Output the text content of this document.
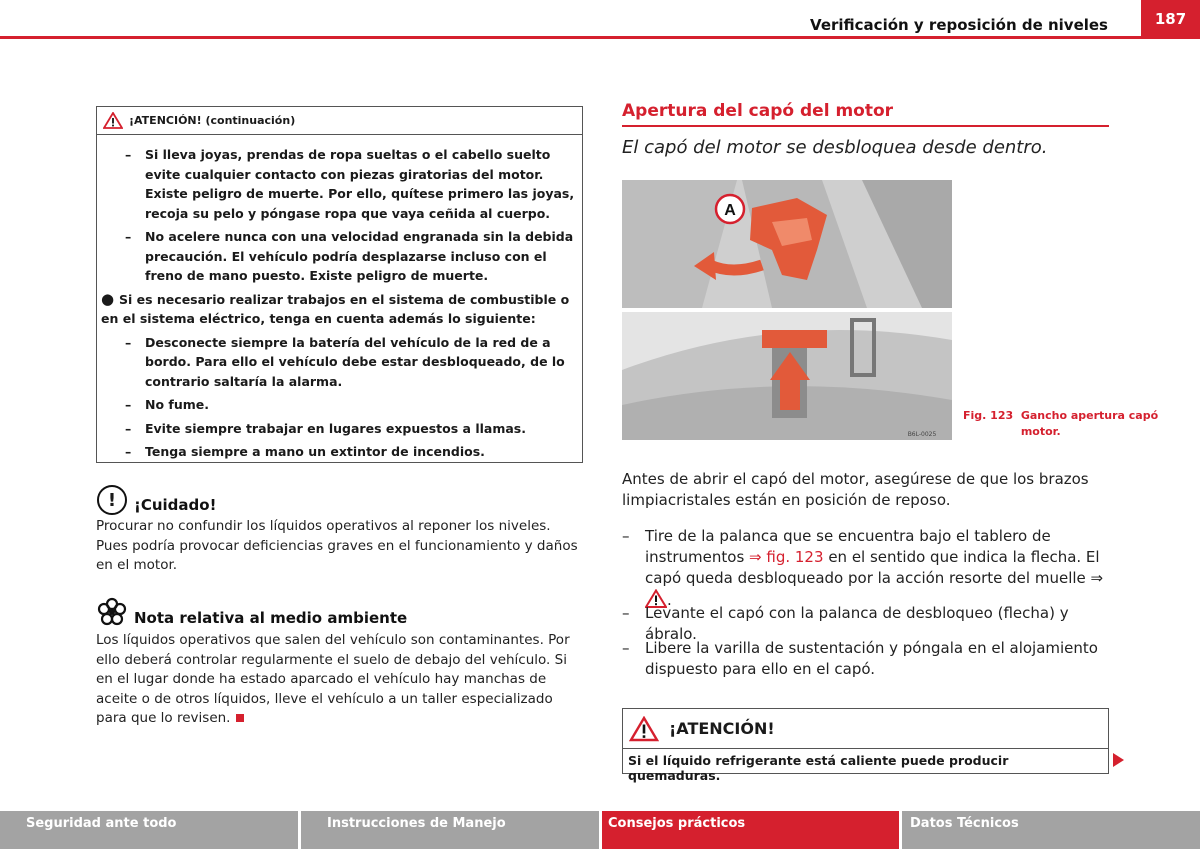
Verificación y reposición de niveles	187
¡ATENCIÓN! (continuación)
– Si lleva joyas, prendas de ropa sueltas o el cabello suelto evite cualquier contacto con piezas giratorias del motor. Existe peligro de muerte. Por ello, quítese primero las joyas, recoja su pelo y póngase ropa que vaya ceñida al cuerpo.
– No acelere nunca con una velocidad engranada sin la debida precaución. El vehículo podría desplazarse incluso con el freno de mano puesto. Existe peligro de muerte.
● Si es necesario realizar trabajos en el sistema de combustible o en el sistema eléctrico, tenga en cuenta además lo siguiente:
– Desconecte siempre la batería del vehículo de la red de a bordo. Para ello el vehículo debe estar desbloqueado, de lo contrario saltaría la alarma.
– No fume.
– Evite siempre trabajar en lugares expuestos a llamas.
– Tenga siempre a mano un extintor de incendios.
!	¡Cuidado!
Procurar no confundir los líquidos operativos al reponer los niveles. Pues podría provocar deficiencias graves en el funcionamiento y daños en el motor.
Nota relativa al medio ambiente
Los líquidos operativos que salen del vehículo son contaminantes. Por ello deberá controlar regularmente el suelo de debajo del vehículo. Si en el lugar donde ha estado aparcado el vehículo hay manchas de aceite o de otros líquidos, lleve el vehículo a un taller especializado para que lo revisen.
Apertura del capó del motor
El capó del motor se desbloquea desde dentro.
A
B6L-0025
Fig. 123 Gancho apertura capó motor.
Antes de abrir el capó del motor, asegúrese de que los brazos limpiacristales están en posición de reposo.
– Tire de la palanca que se encuentra bajo el tablero de instrumentos ⇒ fig. 123 en el sentido que indica la flecha. El capó queda desbloqueado por la acción resorte del muelle ⇒ .
– Levante el capó con la palanca de desbloqueo (flecha) y ábralo.
– Libere la varilla de sustentación y póngala en el alojamiento dispuesto para ello en el capó.
¡ATENCIÓN!
Si el líquido refrigerante está caliente puede producir quemaduras.
Seguridad ante todo	Instrucciones de Manejo	Consejos prácticos	Datos Técnicos
